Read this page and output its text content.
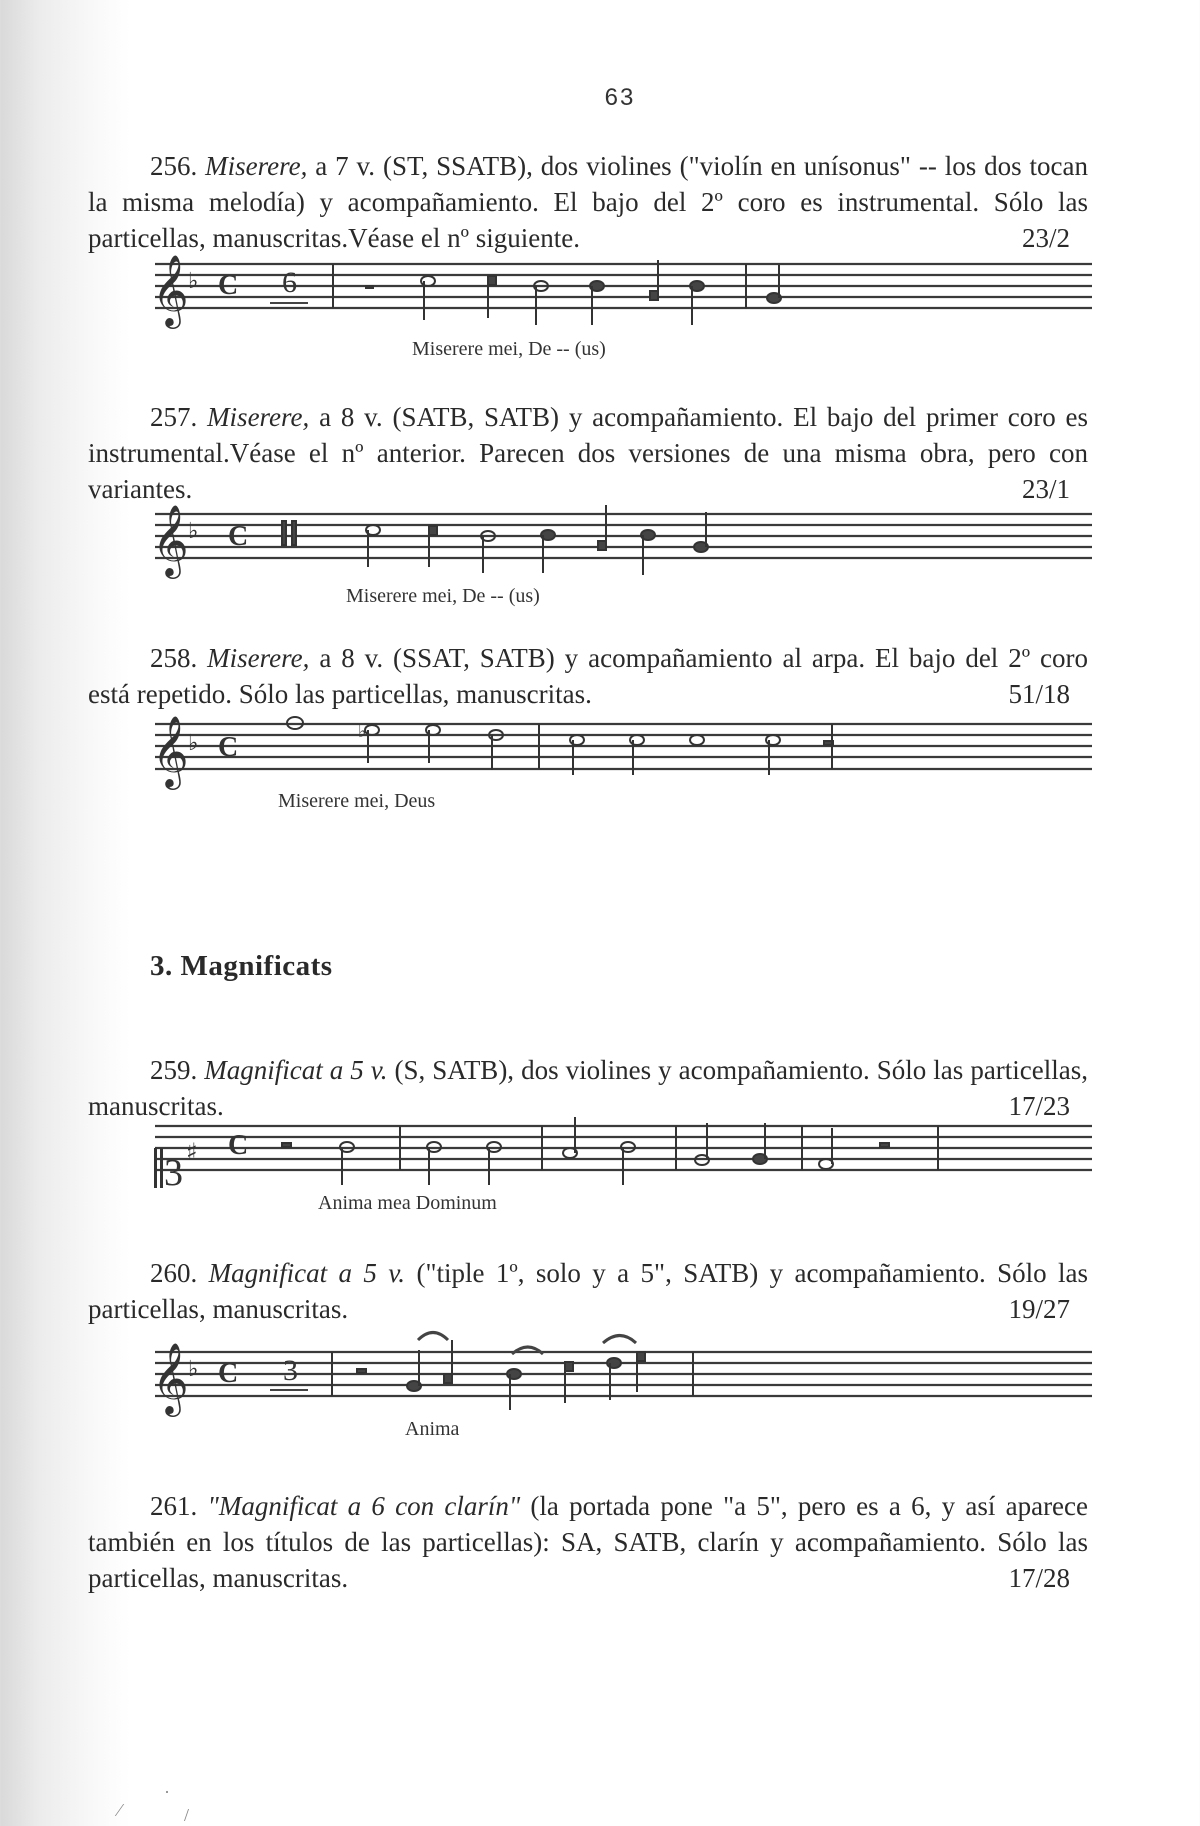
63

256. Miserere, a 7 v. (ST, SSATB), dos violines ("violín en unísonus" -- los dos tocan la misma melodía) y acompañamiento. El bajo del 2º coro es instrumental. Sólo las particellas, manuscritas.Véase el nº siguiente.	23/2

𝄞 ♭ C 6
Miserere mei, De -- (us)

257. Miserere, a 8 v. (SATB, SATB) y acompañamiento. El bajo del primer coro es instrumental.Véase el nº anterior. Parecen dos versiones de una misma obra, pero con variantes.	23/1

𝄞 ♭ C
Miserere mei, De -- (us)

258. Miserere, a 8 v. (SSAT, SATB) y acompañamiento al arpa. El bajo del 2º coro está repetido. Sólo las particellas, manuscritas.	51/18

𝄞 ♭ C
♭
Miserere mei, Deus
3. Magnificats

259. Magnificat a 5 v. (S, SATB), dos violines y acompañamiento. Sólo las particellas, manuscritas.	17/23

3 ♯ C
Anima mea Dominum

260. Magnificat a 5 v. ("tiple 1º, solo y a 5", SATB) y acompañamiento. Sólo las particellas, manuscritas.	19/27

𝄞 ♭ C 3
Anima

261. "Magnificat a 6 con clarín" (la portada pone "a 5", pero es a 6, y así aparece también en los títulos de las particellas): SA, SATB, clarín y acompañamiento. Sólo las particellas, manuscritas.	17/28

⁄
·
/
